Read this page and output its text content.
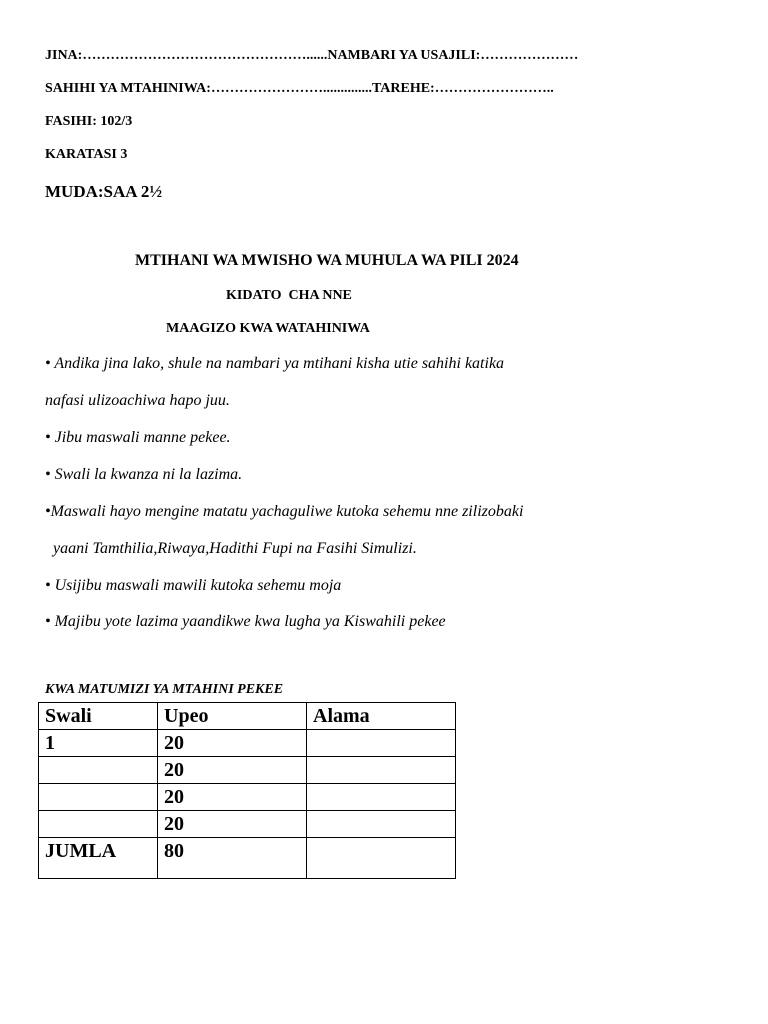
JINA:…………………………………………......NAMBARI YA USAJILI:…………………
SAHIHI YA MTAHINIWA:……………………..............TAREHE:……………………..
FASIHI: 102/3
KARATASI 3
MUDA:SAA 2½
MTIHANI WA MWISHO WA MUHULA WA PILI 2024
KIDATO  CHA NNE
MAAGIZO KWA WATAHINIWA
• Andika jina lako, shule na nambari ya mtihani kisha utie sahihi katika
nafasi ulizoachiwa hapo juu.
• Jibu maswali manne pekee.
• Swali la kwanza ni la lazima.
•Maswali hayo mengine matatu yachaguliwe kutoka sehemu nne zilizobaki
yaani Tamthilia,Riwaya,Hadithi Fupi na Fasihi Simulizi.
• Usijibu maswali mawili kutoka sehemu moja
• Majibu yote lazima yaandikwe kwa lugha ya Kiswahili pekee
KWA MATUMIZI YA MTAHINI PEKEE
Swali	Upeo	Alama
1	20	
	20	
	20	
	20	
JUMLA	80	
